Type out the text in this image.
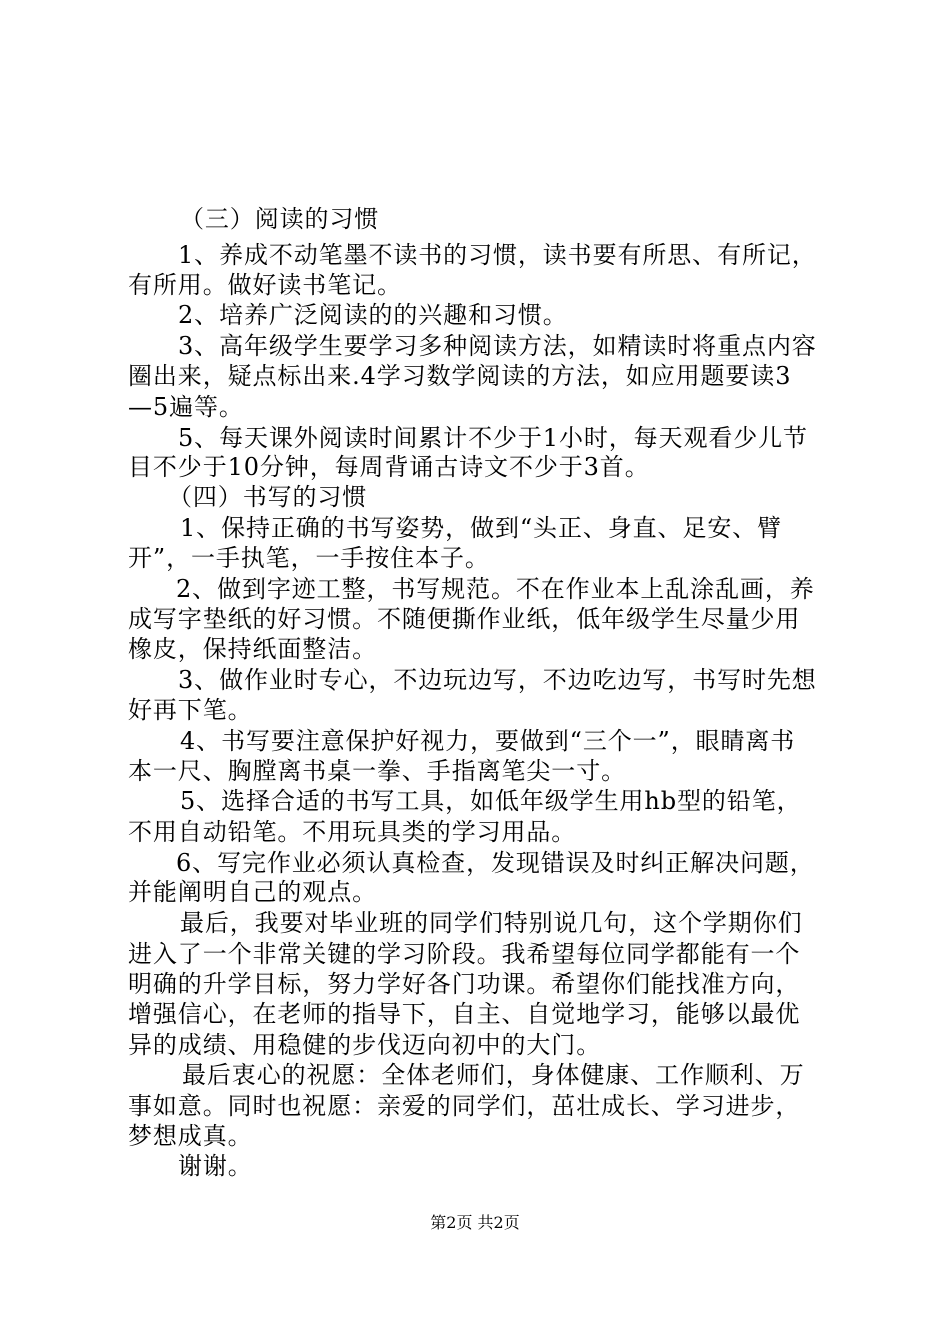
（三）阅读的习惯
1、养成不动笔墨不读书的习惯，读书要有所思、有所记，
有所用。做好读书笔记。
2、培养广泛阅读的的兴趣和习惯。
3、高年级学生要学习多种阅读方法，如精读时将重点内容
圈出来，疑点标出来.4学习数学阅读的方法，如应用题要读3
—5遍等。
5、每天课外阅读时间累计不少于1小时，每天观看少儿节
目不少于10分钟，每周背诵古诗文不少于3首。
（四）书写的习惯
1、保持正确的书写姿势，做到“头正、身直、足安、臂
开”，一手执笔，一手按住本子。
2、做到字迹工整，书写规范。不在作业本上乱涂乱画，养
成写字垫纸的好习惯。不随便撕作业纸，低年级学生尽量少用
橡皮，保持纸面整洁。
3、做作业时专心，不边玩边写，不边吃边写，书写时先想
好再下笔。
4、书写要注意保护好视力，要做到“三个一”，眼睛离书
本一尺、胸膛离书桌一拳、手指离笔尖一寸。
5、选择合适的书写工具，如低年级学生用hb型的铅笔，
不用自动铅笔。不用玩具类的学习用品。
6、写完作业必须认真检查，发现错误及时纠正解决问题，
并能阐明自己的观点。
最后，我要对毕业班的同学们特别说几句，这个学期你们
进入了一个非常关键的学习阶段。我希望每位同学都能有一个
明确的升学目标，努力学好各门功课。希望你们能找准方向，
增强信心，在老师的指导下，自主、自觉地学习，能够以最优
异的成绩、用稳健的步伐迈向初中的大门。
最后衷心的祝愿：全体老师们，身体健康、工作顺利、万
事如意。同时也祝愿：亲爱的同学们，茁壮成长、学习进步，
梦想成真。
谢谢。
第2页 共2页
